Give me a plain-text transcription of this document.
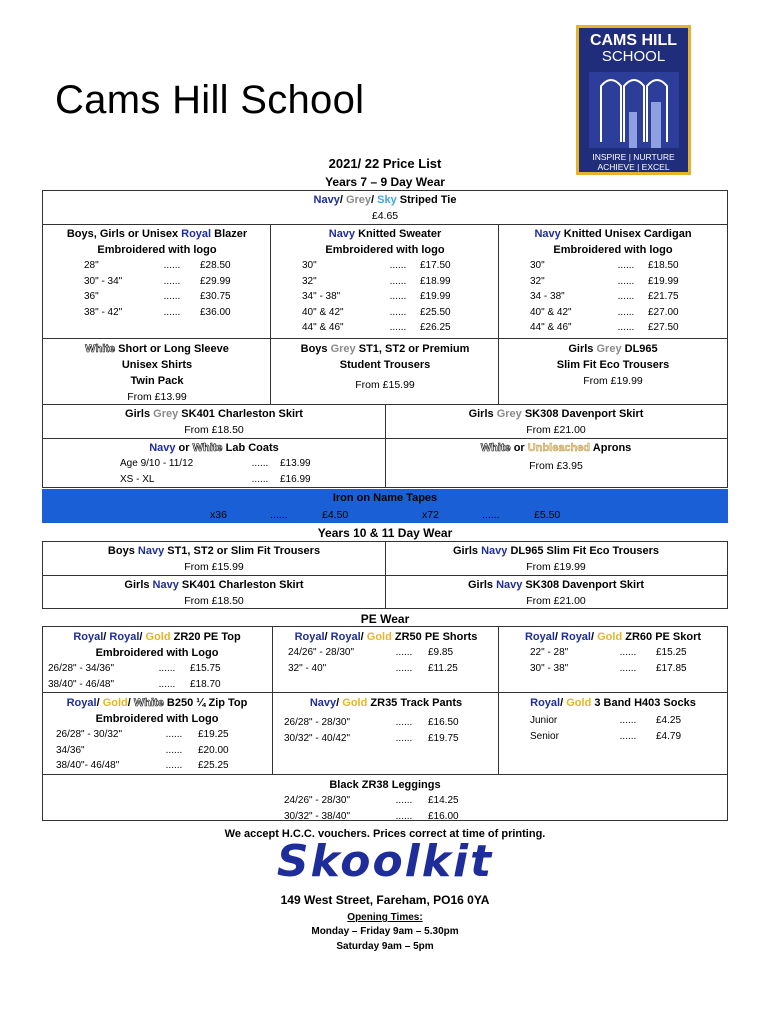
Cams Hill School
CAMS HILL
SCHOOL
INSPIRE | NURTURE
ACHIEVE | EXCEL
2021/ 22 Price List
Years 7 – 9 Day Wear
Navy/ Grey/ Sky Striped Tie
£4.65
Boys, Girls or Unisex Royal Blazer
Embroidered with logo
28"	......	£28.50
30" - 34"	......	£29.99
36"	......	£30.75
38" - 42"	......	£36.00
Navy Knitted Sweater
Embroidered with logo
30"	......	£17.50
32"	......	£18.99
34" - 38"	......	£19.99
40" & 42"	......	£25.50
44" & 46"	......	£26.25
Navy Knitted Unisex Cardigan
Embroidered with logo
30"	......	£18.50
32"	......	£19.99
34 - 38"	......	£21.75
40" & 42"	......	£27.00
44" & 46"	......	£27.50
White Short or Long Sleeve
Unisex Shirts
Twin Pack
From £13.99
Boys Grey ST1, ST2 or Premium
Student Trousers
From £15.99
Girls Grey DL965
Slim Fit Eco Trousers
From £19.99
Girls Grey SK401 Charleston Skirt
From £18.50
Girls Grey SK308 Davenport Skirt
From £21.00
Navy or White Lab Coats
Age 9/10 - 11/12	......	£13.99
XS - XL	......	£16.99
White or Unbleached Aprons
From £3.95
Iron on Name Tapes
x36	......	£4.50	x72	......	£5.50
Years 10 & 11 Day Wear
Boys Navy ST1, ST2 or Slim Fit Trousers
From £15.99
Girls Navy DL965 Slim Fit Eco Trousers
From £19.99
Girls Navy SK401 Charleston Skirt
From £18.50
Girls Navy SK308 Davenport Skirt
From £21.00
PE Wear
Royal/ Royal/ Gold ZR20 PE Top
Embroidered with Logo
26/28" - 34/36"	......	£15.75
38/40" - 46/48"	......	£18.70
Royal/ Royal/ Gold ZR50 PE Shorts
24/26" - 28/30"	......	£9.85
32" - 40"	......	£11.25
Royal/ Royal/ Gold ZR60 PE Skort
22" - 28"	......	£15.25
30" - 38"	......	£17.85
Royal/ Gold/ White B250 ¼ Zip Top
Embroidered with Logo
26/28" - 30/32"	......	£19.25
34/36"	......	£20.00
38/40"- 46/48"	......	£25.25
Navy/ Gold ZR35 Track Pants
26/28" - 28/30"	......	£16.50
30/32" - 40/42"	......	£19.75
Royal/ Gold 3 Band H403 Socks
Junior	......	£4.25
Senior	......	£4.79
Black ZR38 Leggings
24/26" - 28/30"	......	£14.25
30/32" - 38/40"	......	£16.00
We accept H.C.C. vouchers. Prices correct at time of printing.
Skoolkit
149 West Street, Fareham, PO16 0YA
Opening Times:
Monday – Friday 9am – 5.30pm
Saturday 9am – 5pm
